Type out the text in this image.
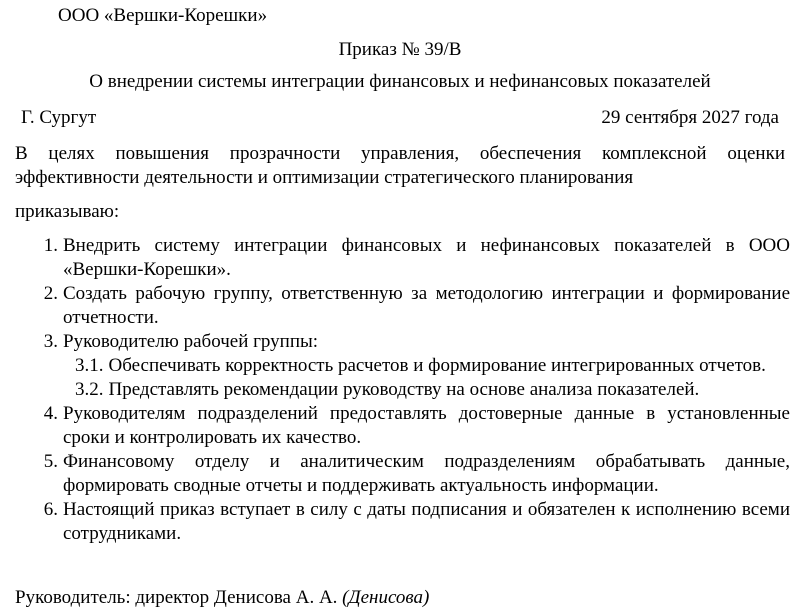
ООО «Вершки-Корешки»
Приказ № 39/В
О внедрении системы интеграции финансовых и нефинансовых показателей
Г. Сургут	29 сентября 2027 года
В целях повышения прозрачности управления, обеспечения комплексной оценки эффективности деятельности и оптимизации стратегического планирования
приказываю:
1. Внедрить систему интеграции финансовых и нефинансовых показателей в ООО «Вершки-Корешки».
2. Создать рабочую группу, ответственную за методологию интеграции и формирование отчетности.
3. Руководителю рабочей группы:
3.1. Обеспечивать корректность расчетов и формирование интегрированных отчетов.
3.2. Представлять рекомендации руководству на основе анализа показателей.
4. Руководителям подразделений предоставлять достоверные данные в установленные сроки и контролировать их качество.
5. Финансовому отделу и аналитическим подразделениям обрабатывать данные, формировать сводные отчеты и поддерживать актуальность информации.
6. Настоящий приказ вступает в силу с даты подписания и обязателен к исполнению всеми сотрудниками.
Руководитель: директор Денисова А. А. (Денисова)
